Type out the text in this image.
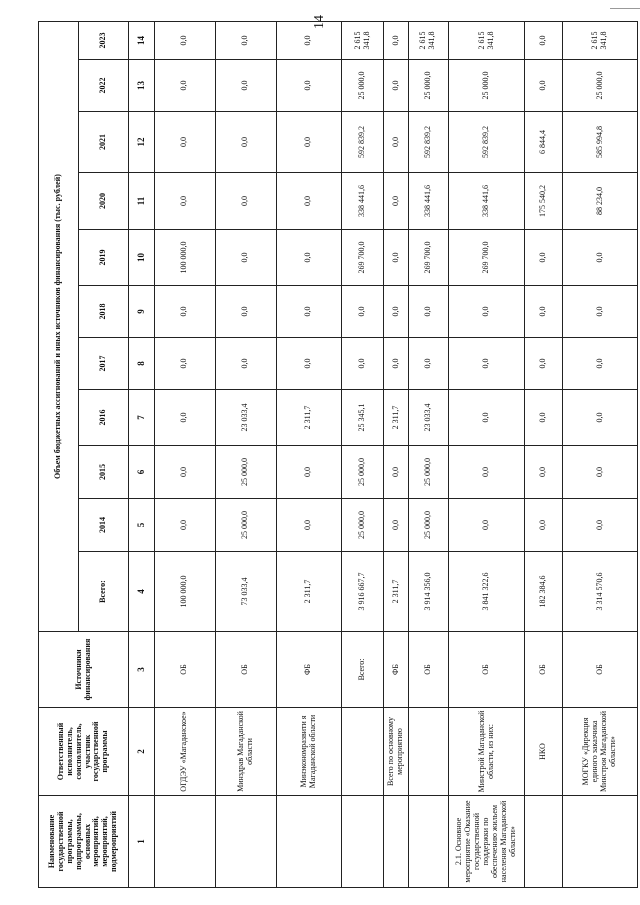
14
Наименование государственной программы, подпрограммы, основных мероприятий, мероприятий, подмероприятий	Ответственный исполнитель, соисполнитель, участник государственной программы	Источники финансирования	Объем бюджетных ассигнований и иных источников финансирования (тыс. рублей)										
			Всего:	2014	2015	2016	2017	2018	2019	2020	2021	2022	2023
1	2	3	4	5	6	7	8	9	10	11	12	13	14
	ОГДЭУ «Магаданское»	ОБ	100 000,0	0,0	0,0	0,0	0,0	0,0	100 000,0	0,0	0,0	0,0	0,0
	Минздрав Магаданской области	ОБ	73 033,4	25 000,0	25 000,0	23 033,4	0,0	0,0	0,0	0,0	0,0	0,0	0,0
	Минэкономразвити я Магаданской области	ФБ	2 311,7	0,0	0,0	2 311,7	0,0	0,0	0,0	0,0	0,0	0,0	0,0
		Всего:	3 916 667,7	25 000,0	25 000,0	25 345,1	0,0	0,0	269 700,0	338 441,6	592 839,2	25 000,0	2 615 341,8
	Всего по основному мероприятию	ФБ	2 311,7	0,0	0,0	2 311,7	0,0	0,0	0,0	0,0	0,0	0,0	0,0
		ОБ	3 914 356,0	25 000,0	25 000,0	23 033,4	0,0	0,0	269 700,0	338 441,6	592 839,2	25 000,0	2 615 341,8
2.1. Основное мероприятие «Оказание государственной поддержки по обеспечению жильем населения Магаданской области»	Минстрой Магаданской области, из них:	ОБ	3 841 322,6	0,0	0,0	0,0	0,0	0,0	269 700,0	338 441,6	592 839,2	25 000,0	2 615 341,8
	НКО	ОБ	182 384,6	0,0	0,0	0,0	0,0	0,0	0,0	175 540,2	6 844,4	0,0	0,0
	МОГКУ «Дирекция единого заказчика Минстроя Магаданской области»	ОБ	3 314 570,6	0,0	0,0	0,0	0,0	0,0	0,0	88 234,0	585 994,8	25 000,0	2 615 341,8
